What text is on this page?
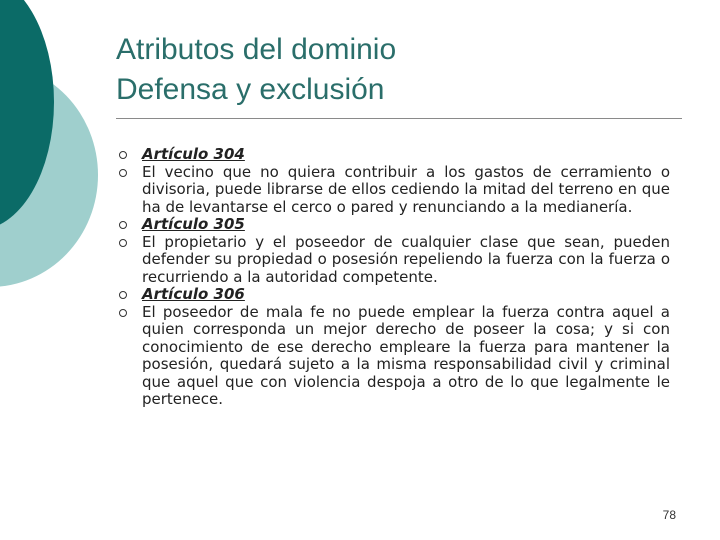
Atributos del dominio
Defensa y exclusión
Artículo 304
El vecino que no quiera contribuir a los gastos de cerramiento o divisoria, puede librarse de ellos cediendo la mitad del terreno en que ha de levantarse el cerco o pared y renunciando a la medianería.
Artículo 305
El propietario y el poseedor de cualquier clase que sean, pueden defender su propiedad o posesión repeliendo la fuerza con la fuerza o recurriendo a la autoridad competente.
Artículo 306
El poseedor de mala fe no puede emplear la fuerza contra aquel a quien corresponda un mejor derecho de poseer la cosa; y si con conocimiento de ese derecho empleare la fuerza para mantener la posesión, quedará sujeto a la misma responsabilidad civil y criminal que aquel que con violencia despoja a otro de lo que legalmente le pertenece.
78
